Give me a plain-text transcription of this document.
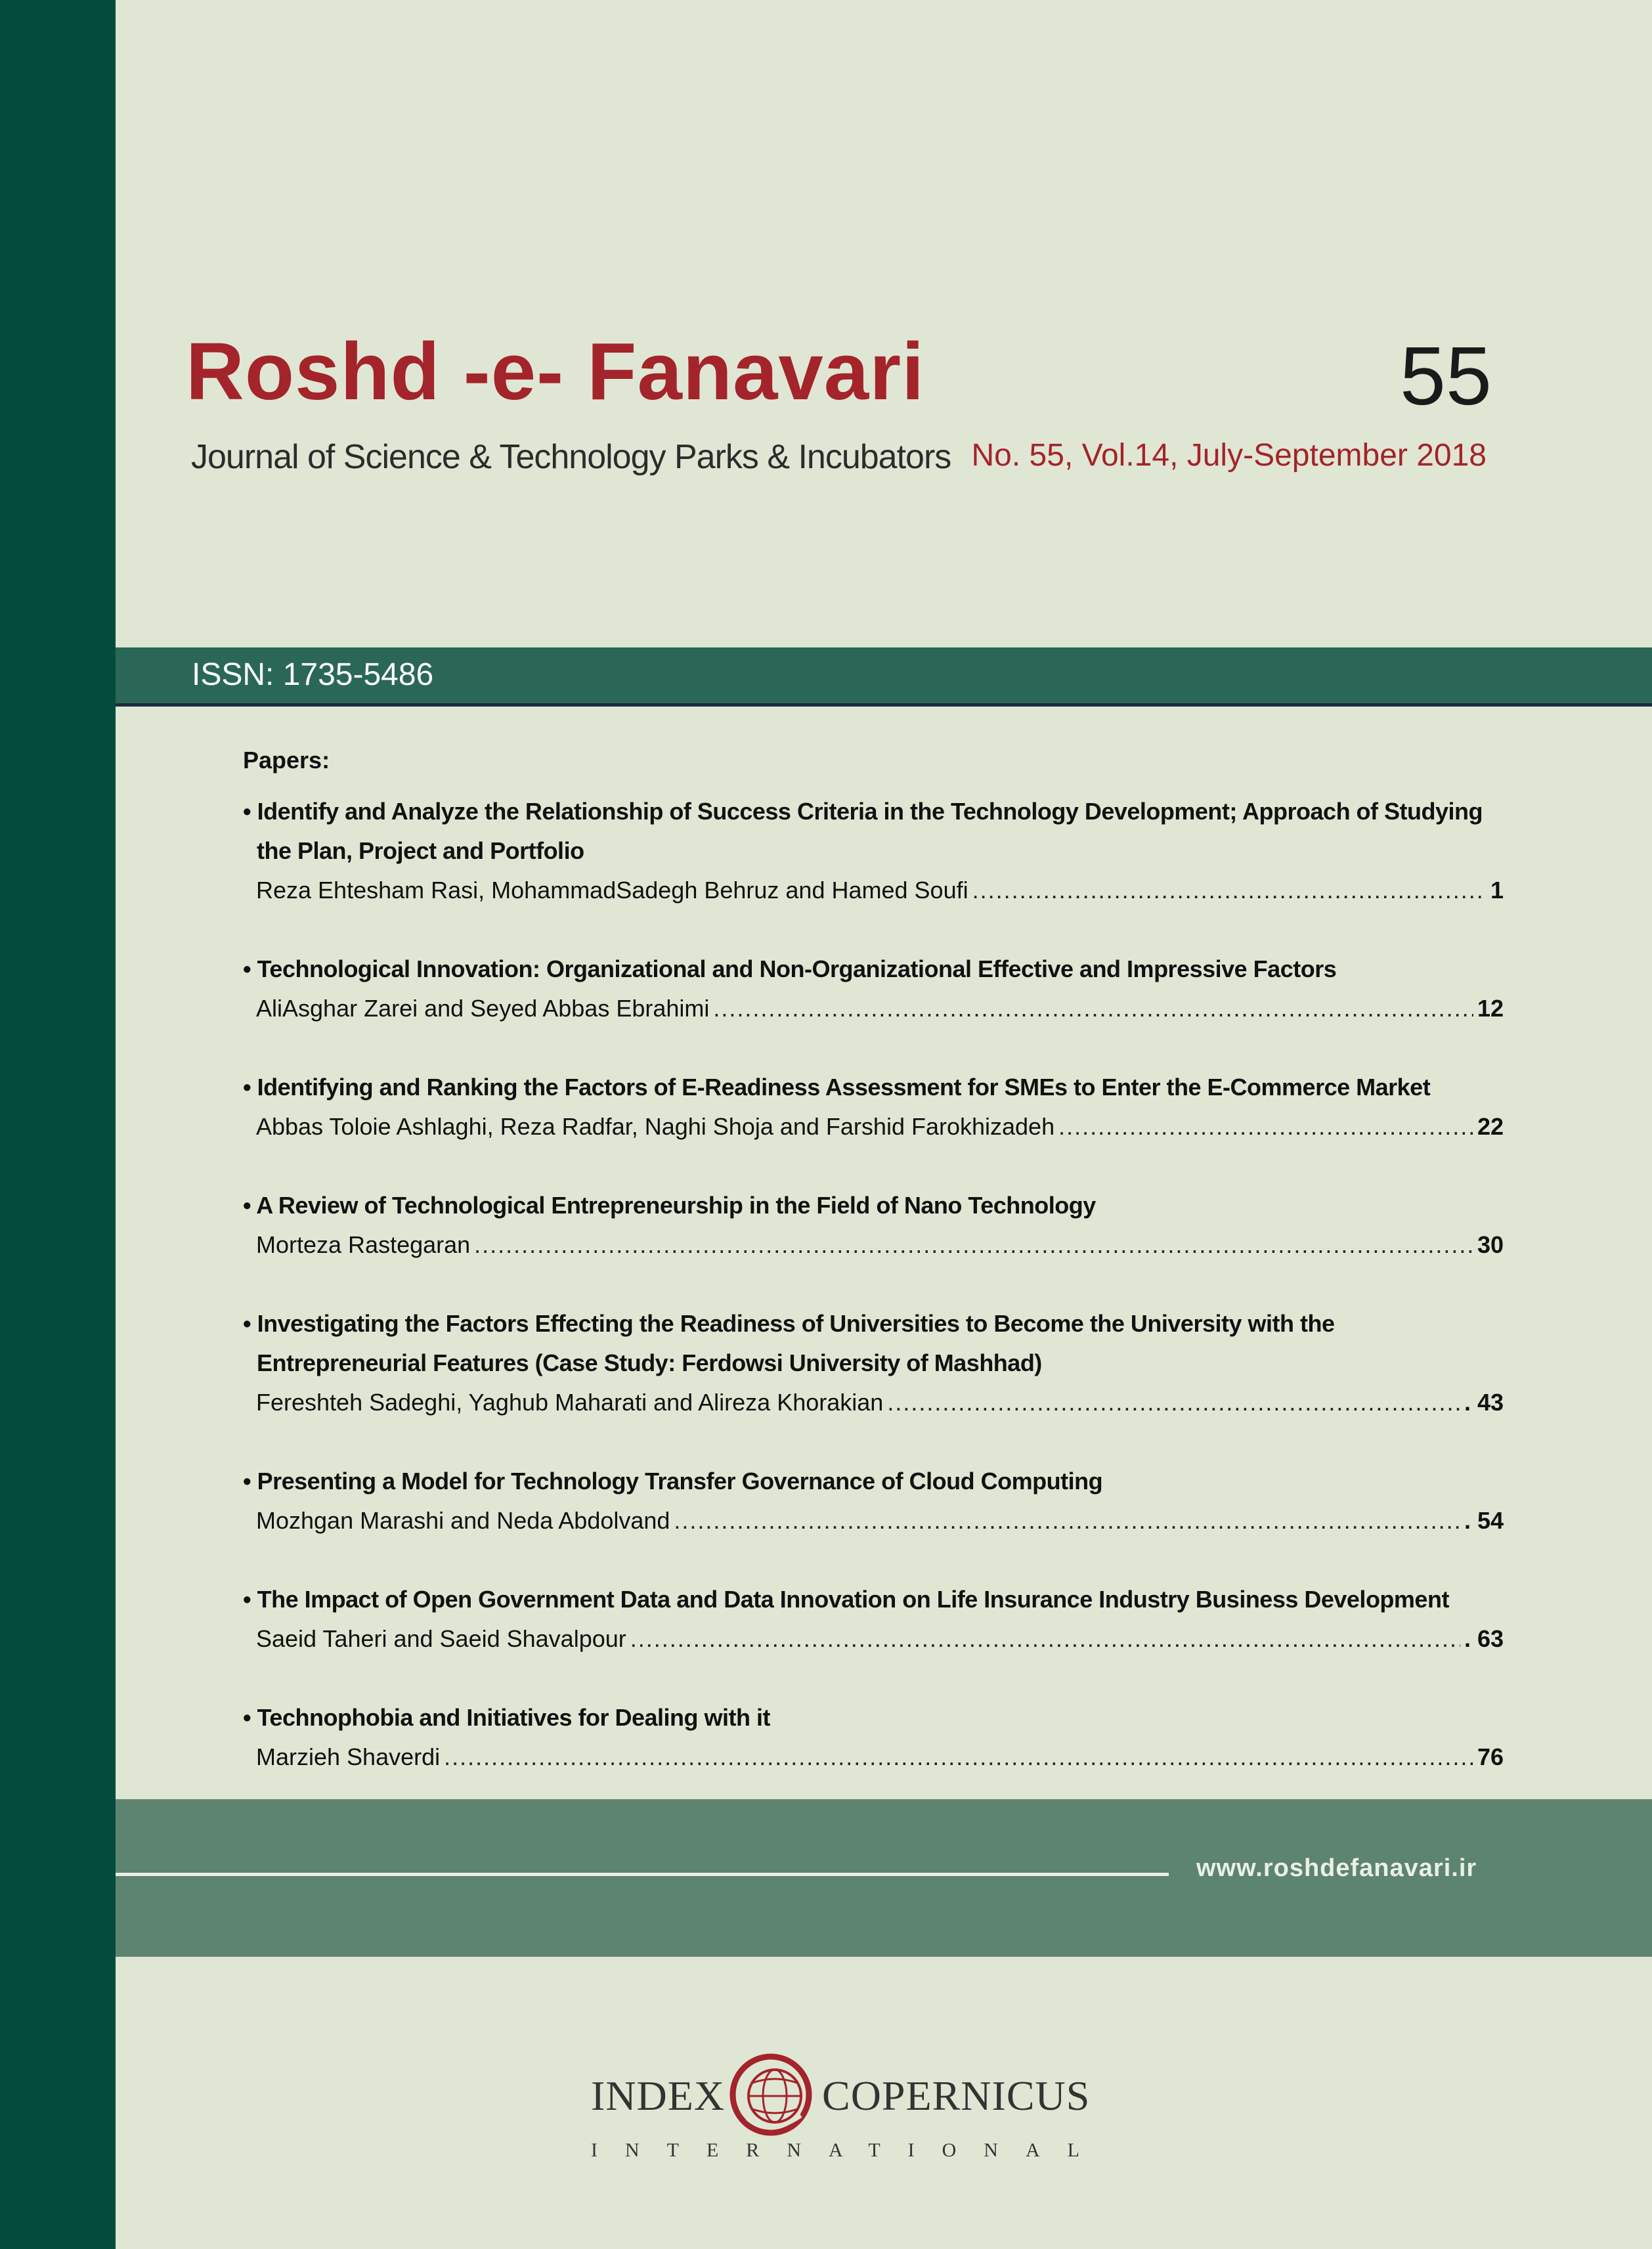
Roshd -e- Fanavari
Journal of Science & Technology Parks & Incubators
55
No. 55, Vol.14, July-September 2018
ISSN: 1735-5486
Papers:
• Identify and Analyze the Relationship of Success Criteria in the Technology Development; Approach of Studying the Plan, Project and Portfolio
Reza Ehtesham Rasi, MohammadSadegh Behruz and Hamed Soufi .....	1
• Technological Innovation: Organizational and Non-Organizational Effective and Impressive Factors
AliAsghar Zarei and Seyed Abbas Ebrahimi .....	12
• Identifying and Ranking the Factors of E-Readiness Assessment for SMEs to Enter the E-Commerce Market
Abbas Toloie Ashlaghi, Reza Radfar, Naghi Shoja and Farshid Farokhizadeh .....	22
• A Review of Technological Entrepreneurship in the Field of Nano Technology
Morteza Rastegaran .....	30
• Investigating the Factors Effecting the Readiness of Universities to Become the University with the Entrepreneurial Features (Case Study: Ferdowsi University of Mashhad)
Fereshteh Sadeghi, Yaghub Maharati and Alireza Khorakian .....	. 43
• Presenting a Model for Technology Transfer Governance of Cloud Computing
Mozhgan Marashi and Neda Abdolvand .....	. 54
• The Impact of Open Government Data and Data Innovation on Life Insurance Industry Business Development
Saeid Taheri and Saeid Shavalpour .....	. 63
• Technophobia and Initiatives for Dealing with it
Marzieh Shaverdi .....	76
www.roshdefanavari.ir
INDEX COPERNICUS
INTERNATIONAL
